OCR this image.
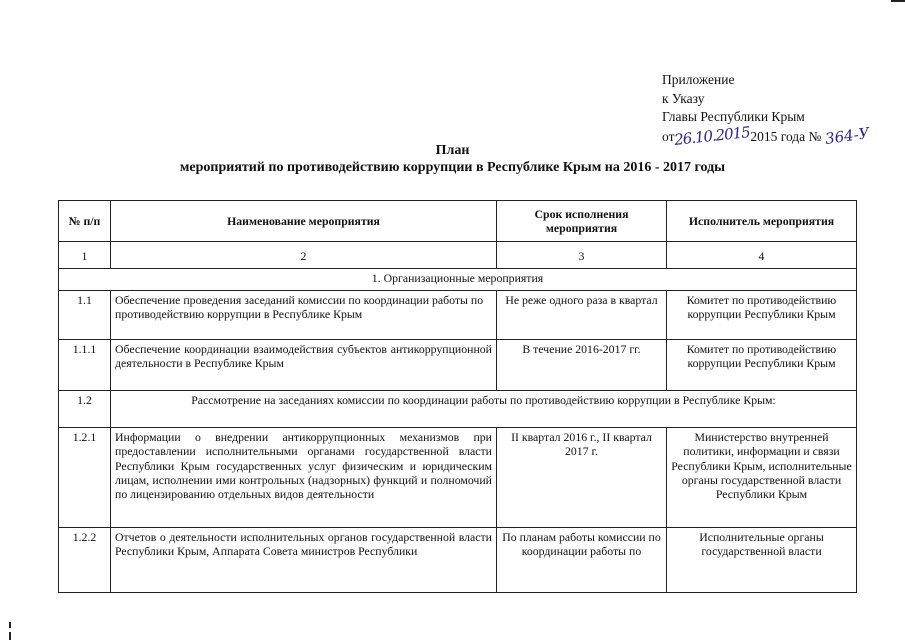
Приложение
к Указу
Главы Республики Крым
от26.10.20152015 года № 364-У
План
мероприятий по противодействию коррупции в Республике Крым на 2016 - 2017 годы
№ п/п	Наименование мероприятия	Срок исполнения мероприятия	Исполнитель мероприятия
1	2	3	4
1. Организационные мероприятия			
1.1	Обеспечение проведения заседаний комиссии по координации работы по противодействию коррупции в Республике Крым	Не реже одного раза в квартал	Комитет по противодействию коррупции Республики Крым
1.1.1	Обеспечение координации взаимодействия субъектов антикоррупционной деятельности в Республике Крым	В течение 2016-2017 гг.	Комитет по противодействию коррупции Республики Крым
1.2	Рассмотрение на заседаниях комиссии по координации работы по противодействию коррупции в Республике Крым:		
1.2.1	Информации о внедрении антикоррупционных механизмов при предоставлении исполнительными органами государственной власти Республики Крым государственных услуг физическим и юридическим лицам, исполнении ими контрольных (надзорных) функций и полномочий по лицензированию отдельных видов деятельности	II квартал 2016 г., II квартал 2017 г.	Министерство внутренней политики, информации и связи Республики Крым, исполнительные органы государственной власти Республики Крым
1.2.2	Отчетов о деятельности исполнительных органов государственной власти Республики Крым, Аппарата Совета министров Республики	По планам работы комиссии по координации работы по	Исполнительные органы государственной власти
